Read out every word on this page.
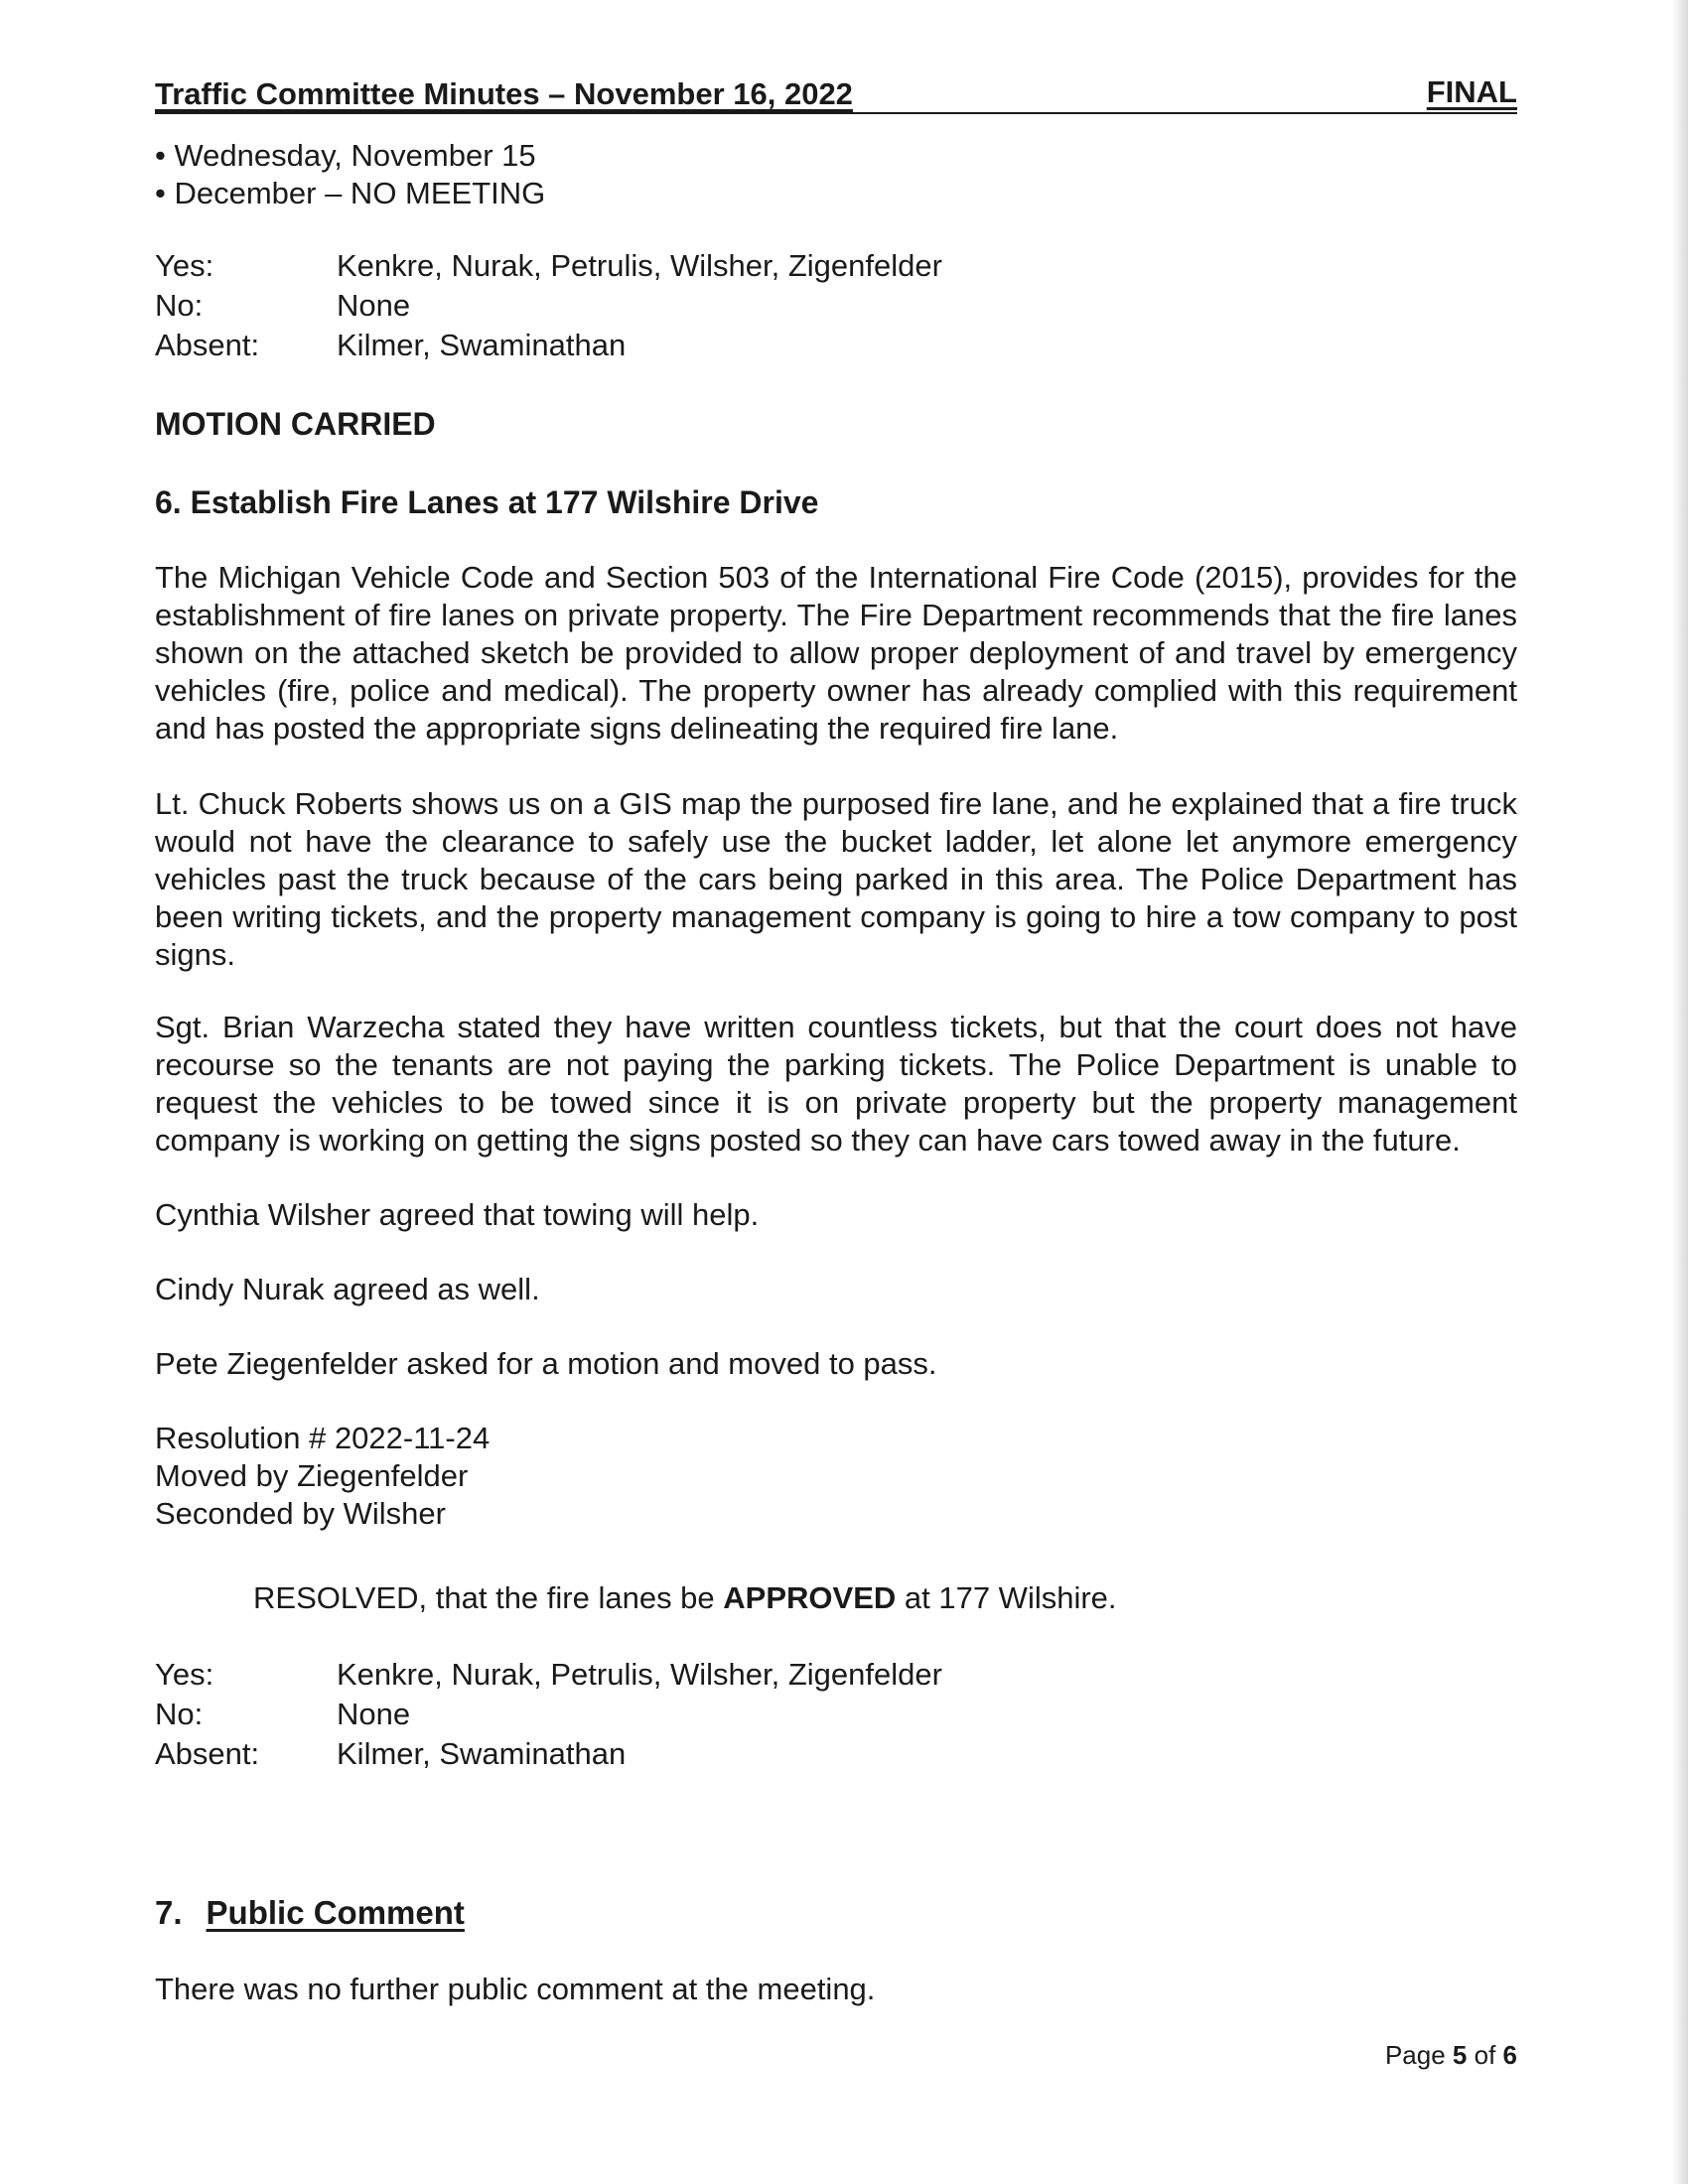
Traffic Committee Minutes – November 16, 2022	FINAL
• Wednesday, November 15
• December – NO MEETING
Yes:	Kenkre, Nurak, Petrulis, Wilsher, Zigenfelder
No:	None
Absent:	Kilmer, Swaminathan

MOTION CARRIED

6. Establish Fire Lanes at 177 Wilshire Drive

The Michigan Vehicle Code and Section 503 of the International Fire Code (2015), provides for the establishment of fire lanes on private property. The Fire Department recommends that the fire lanes shown on the attached sketch be provided to allow proper deployment of and travel by emergency vehicles (fire, police and medical). The property owner has already complied with this requirement and has posted the appropriate signs delineating the required fire lane.

Lt. Chuck Roberts shows us on a GIS map the purposed fire lane, and he explained that a fire truck would not have the clearance to safely use the bucket ladder, let alone let anymore emergency vehicles past the truck because of the cars being parked in this area. The Police Department has been writing tickets, and the property management company is going to hire a tow company to post signs.

Sgt. Brian Warzecha stated they have written countless tickets, but that the court does not have recourse so the tenants are not paying the parking tickets. The Police Department is unable to request the vehicles to be towed since it is on private property but the property management company is working on getting the signs posted so they can have cars towed away in the future.

Cynthia Wilsher agreed that towing will help.

Cindy Nurak agreed as well.

Pete Ziegenfelder asked for a motion and moved to pass.

Resolution # 2022-11-24
Moved by Ziegenfelder
Seconded by Wilsher
RESOLVED, that the fire lanes be APPROVED at 177 Wilshire.
Yes:	Kenkre, Nurak, Petrulis, Wilsher, Zigenfelder
No:	None
Absent:	Kilmer, Swaminathan
7. Public Comment

There was no further public comment at the meeting.

Page 5 of 6
